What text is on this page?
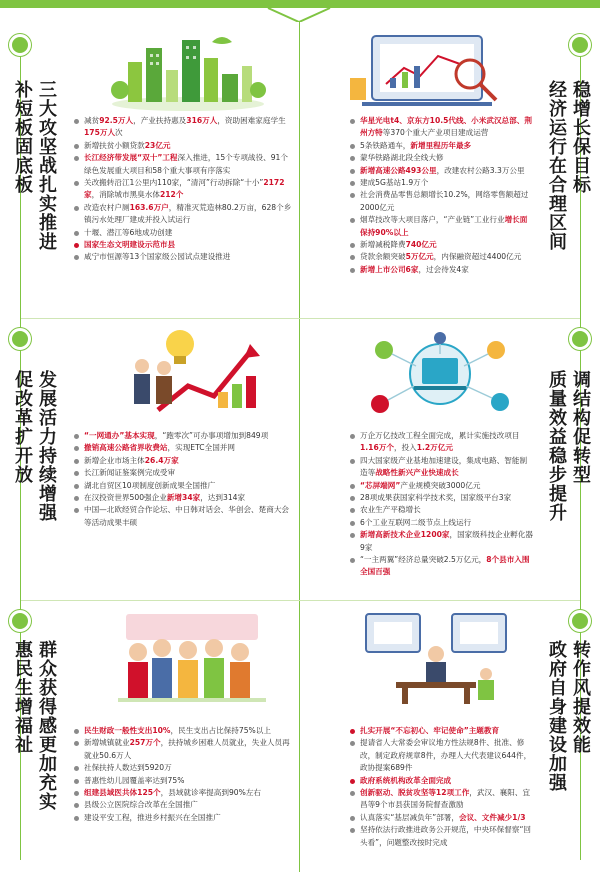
三大攻坚战扎实推进
补短板固底板	减贫92.5万人，产业扶持惠及316万人，资助困难家庭学生175万人次
新增扶贫小额贷款23亿元
长江经济带发展“双十”工程深入推进，15个专项战役、91个绿色发展重大项目和58个重大事项有序落实
关改搬转沿江1公里内110家，“清河”行动拆除“十小”2172家，消除城市黑臭水体212个
改造农村户厕163.6万户，精准灭荒造林80.2万亩，628个乡镇污水处理厂建成并投入试运行
十堰、潜江等6地成功创建
国家生态文明建设示范市县
咸宁市恒源等13个国家级公园试点建设推进
稳增长保目标
经济运行在合理区间
华星光电t4、京东方10.5代线、小米武汉总部、荆州方特等370个重大产业项目建成运营
5条铁路通车，新增里程历年最多
蒙华铁路湖北段全线大修
新增高速公路493公里，改建农村公路3.3万公里
建成5G基站1.9万个
社会消费品零售总额增长10.2%，网络零售额超过2000亿元
烟草技改等大项目落户，“产业链”工业行业增长面保持90%以上
新增减税降费740亿元
贷款余额突破5万亿元，内保融资超过4400亿元
新增上市公司6家，过会待发4家
发展活力持续增强
促改革扩开放	“一网通办”基本实现，“跑零次”可办事项增加到849项
撤销高速公路省界收费站，实现ETC全国并网
新增企业市场主体26.4万家
长江新闻证鉴案例完成受审
湖北自贸区10项制度创新成果全国推广
在汉投资世界500强企业新增34家，达到314家
中国—北欧经贸合作论坛、中日韩对话会、华创会、楚商大会等活动成果丰硕
调结构促转型
质量效益稳步提升
万企万亿技改工程全面完成，累计实施技改项目1.16万个，投入1.2万亿元
四大国家级产业基地加速建设，集成电路、智能制造等战略性新兴产业快速成长
“芯屏端网”产业规模突破3000亿元
28项成果获国家科学技术奖，国家级平台3家
农业生产平稳增长
6个工业互联网二级节点上线运行
新增高新技术企业1200家，国家级科技企业孵化器9家
“一主两翼”经济总量突破2.5万亿元，8个县市入围全国百强
群众获得感更加充实
惠民生增福祉	民生财政一般性支出10%，民生支出占比保持75%以上
新增城镇就业257万个，扶持城乡困难人员就业，失业人员再就业50.6万人
社保扶持人数达到5920万
普惠性幼儿园覆盖率达到75%
组建县域医共体125个，县域就诊率提高到90%左右
县级公立医院综合改革在全国推广
建设平安工程，推进乡村振兴在全国推广
转作风提效能
政府自身建设加强
扎实开展“不忘初心、牢记使命”主题教育
提请省人大常委会审议地方性法规8件、批准、修改，制定政府规章8件，办理人大代表建议644件，政协提案689件
政府系统机构改革全面完成
创新驱动、脱贫攻坚等12项工作，武汉、襄阳、宜昌等9个市县获国务院督查激励
认真落实“基层减负年”部署，会议、文件减少1/3
坚持依法行政推进政务公开规范，中央环保督察“回头看”，问题整改按时完成
